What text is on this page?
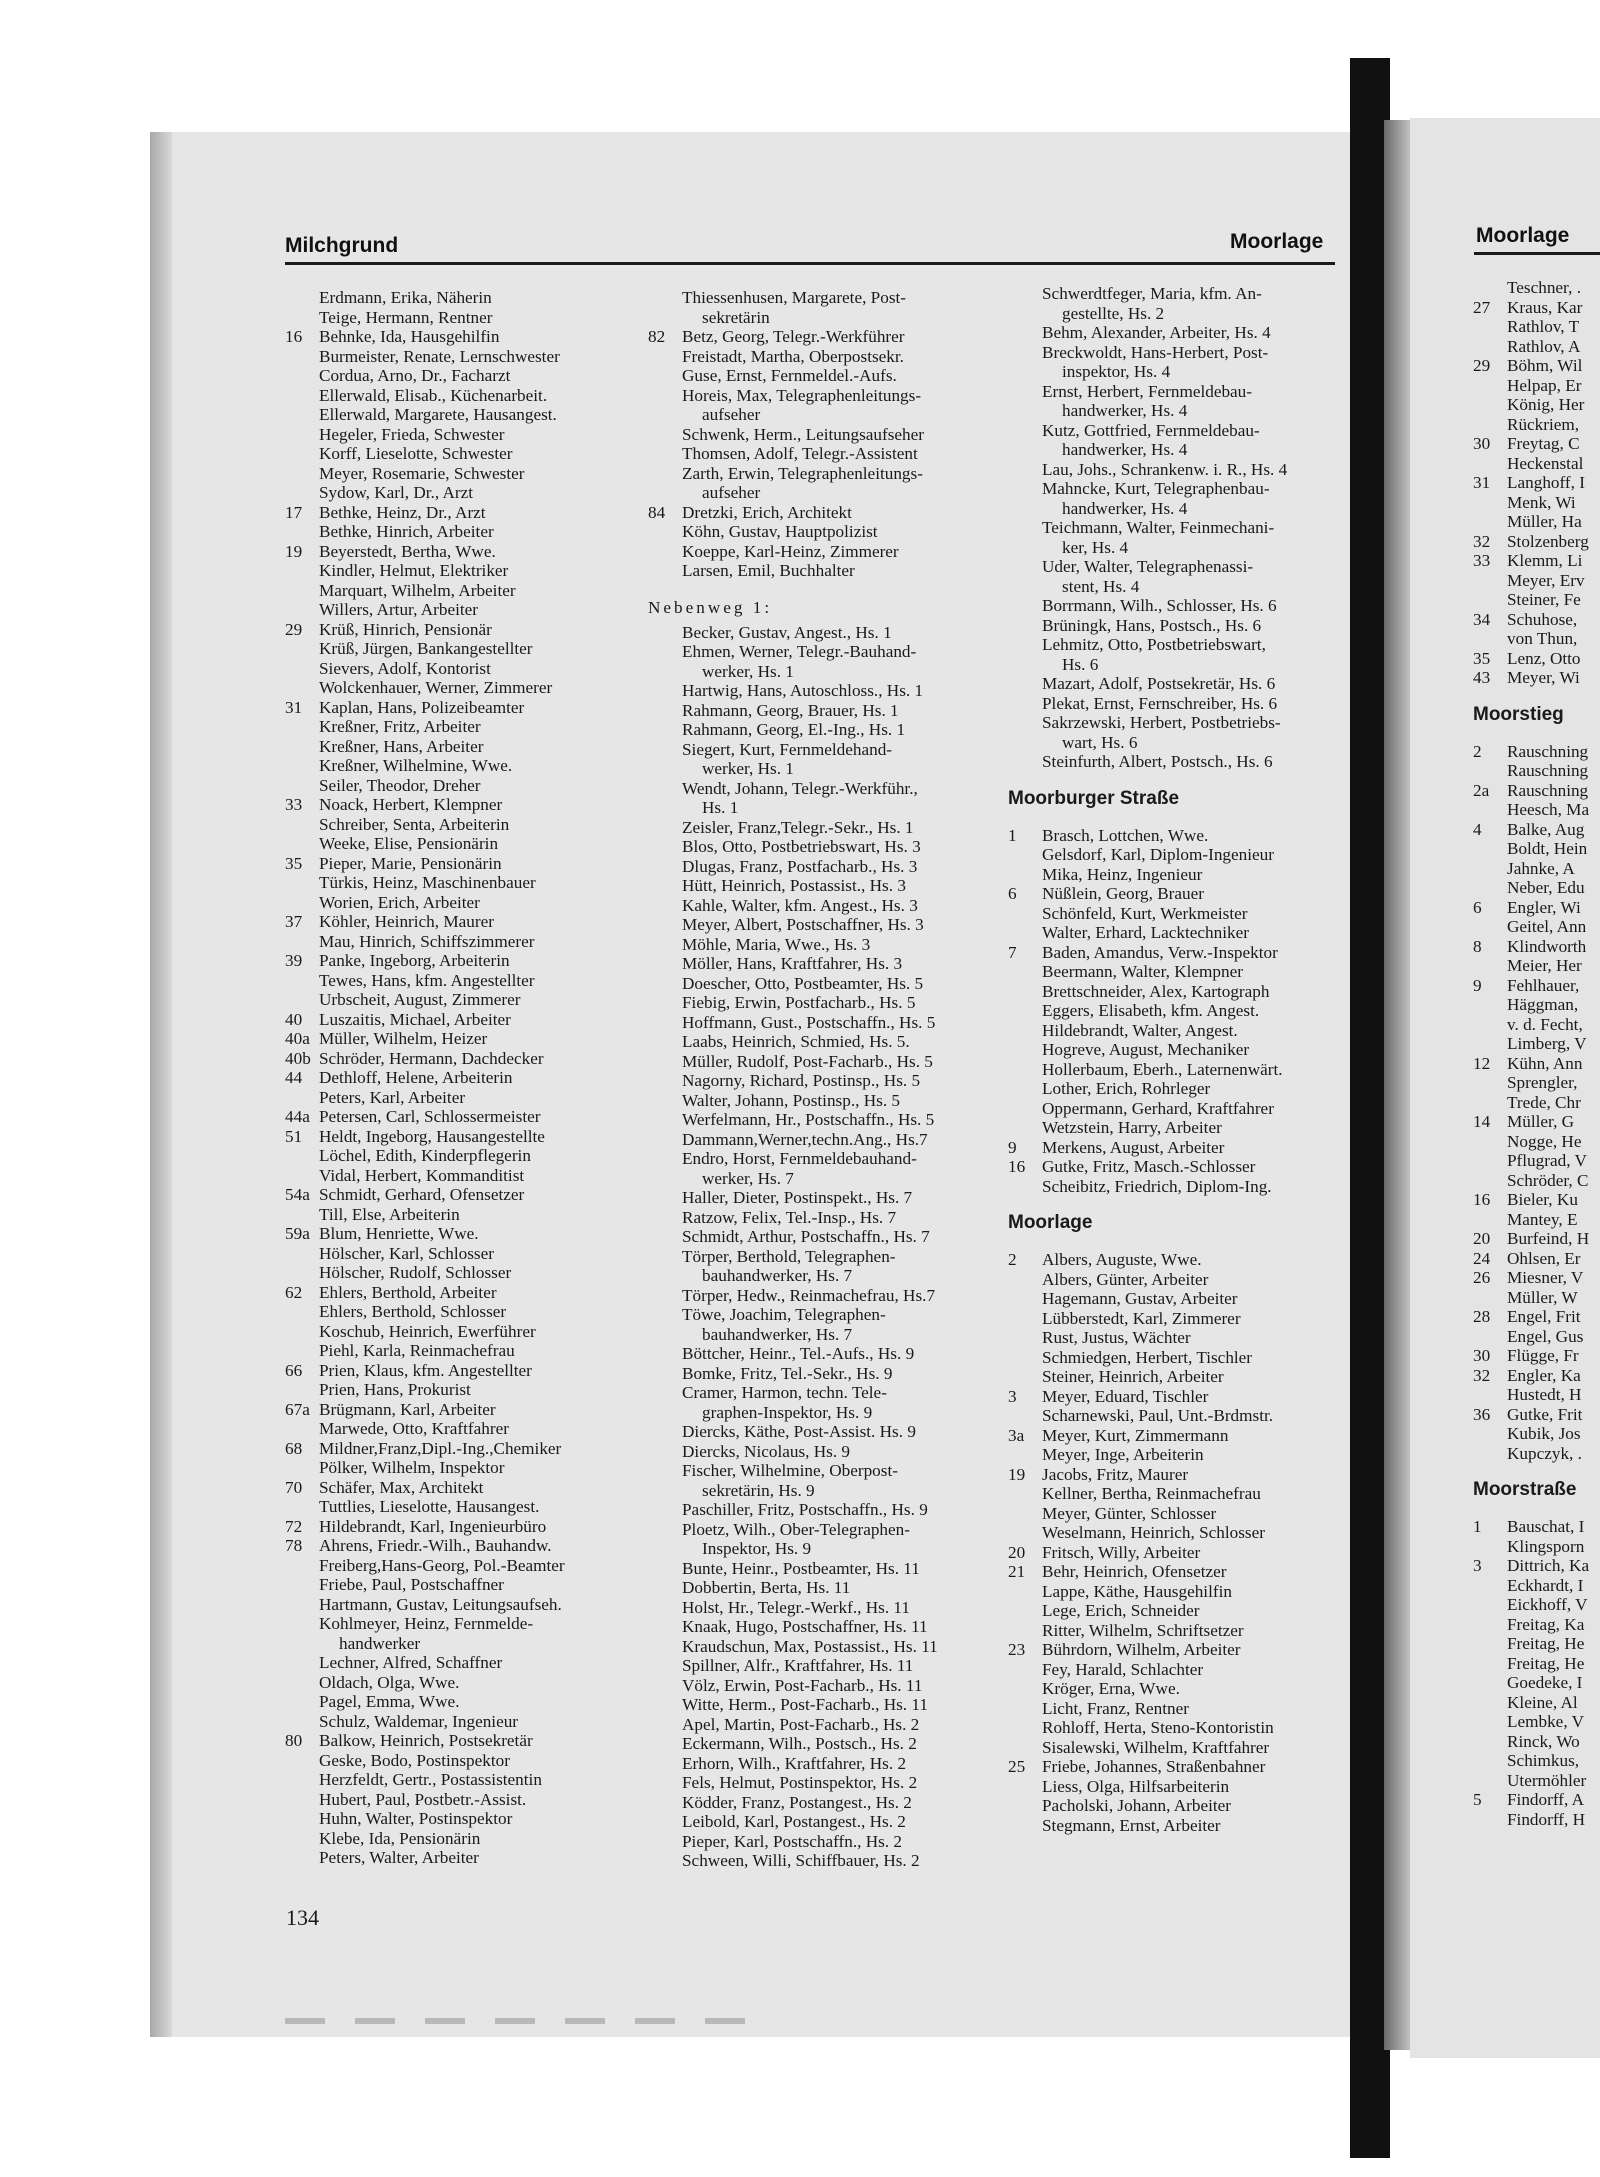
Milchgrund	Moorlage	Moorlage
Erdmann, Erika, Näherin
Teige, Hermann, Rentner
16 Behnke, Ida, Hausgehilfin
Burmeister, Renate, Lernschwester
Cordua, Arno, Dr., Facharzt
Ellerwald, Elisab., Küchenarbeit.
Ellerwald, Margarete, Hausangest.
Hegeler, Frieda, Schwester
Korff, Lieselotte, Schwester
Meyer, Rosemarie, Schwester
Sydow, Karl, Dr., Arzt
17 Bethke, Heinz, Dr., Arzt
Bethke, Hinrich, Arbeiter
19 Beyerstedt, Bertha, Wwe.
Kindler, Helmut, Elektriker
Marquart, Wilhelm, Arbeiter
Willers, Artur, Arbeiter
29 Krüß, Hinrich, Pensionär
Krüß, Jürgen, Bankangestellter
Sievers, Adolf, Kontorist
Wolckenhauer, Werner, Zimmerer
31 Kaplan, Hans, Polizeibeamter
Kreßner, Fritz, Arbeiter
Kreßner, Hans, Arbeiter
Kreßner, Wilhelmine, Wwe.
Seiler, Theodor, Dreher
33 Noack, Herbert, Klempner
Schreiber, Senta, Arbeiterin
Weeke, Elise, Pensionärin
35 Pieper, Marie, Pensionärin
Türkis, Heinz, Maschinenbauer
Worien, Erich, Arbeiter
37 Köhler, Heinrich, Maurer
Mau, Hinrich, Schiffszimmerer
39 Panke, Ingeborg, Arbeiterin
Tewes, Hans, kfm. Angestellter
Urbscheit, August, Zimmerer
40 Luszaitis, Michael, Arbeiter
40a Müller, Wilhelm, Heizer
40b Schröder, Hermann, Dachdecker
44 Dethloff, Helene, Arbeiterin
Peters, Karl, Arbeiter
44a Petersen, Carl, Schlossermeister
51 Heldt, Ingeborg, Hausangestellte
Löchel, Edith, Kinderpflegerin
Vidal, Herbert, Kommanditist
54a Schmidt, Gerhard, Ofensetzer
Till, Else, Arbeiterin
59a Blum, Henriette, Wwe.
Hölscher, Karl, Schlosser
Hölscher, Rudolf, Schlosser
62 Ehlers, Berthold, Arbeiter
Ehlers, Berthold, Schlosser
Koschub, Heinrich, Ewerführer
Piehl, Karla, Reinmachefrau
66 Prien, Klaus, kfm. Angestellter
Prien, Hans, Prokurist
67a Brügmann, Karl, Arbeiter
Marwede, Otto, Kraftfahrer
68 Mildner,Franz,Dipl.-Ing.,Chemiker
Pölker, Wilhelm, Inspektor
70 Schäfer, Max, Architekt
Tuttlies, Lieselotte, Hausangest.
72 Hildebrandt, Karl, Ingenieurbüro
78 Ahrens, Friedr.-Wilh., Bauhandw.
Freiberg,Hans-Georg, Pol.-Beamter
Friebe, Paul, Postschaffner
Hartmann, Gustav, Leitungsaufseh.
Kohlmeyer, Heinz, Fernmelde-
handwerker
Lechner, Alfred, Schaffner
Oldach, Olga, Wwe.
Pagel, Emma, Wwe.
Schulz, Waldemar, Ingenieur
80 Balkow, Heinrich, Postsekretär
Geske, Bodo, Postinspektor
Herzfeldt, Gertr., Postassistentin
Hubert, Paul, Postbetr.-Assist.
Huhn, Walter, Postinspektor
Klebe, Ida, Pensionärin
Peters, Walter, Arbeiter
Thiessenhusen, Margarete, Post-
sekretärin
82 Betz, Georg, Telegr.-Werkführer
Freistadt, Martha, Oberpostsekr.
Guse, Ernst, Fernmeldel.-Aufs.
Horeis, Max, Telegraphenleitungs-
aufseher
Schwenk, Herm., Leitungsaufseher
Thomsen, Adolf, Telegr.-Assistent
Zarth, Erwin, Telegraphenleitungs-
aufseher
84 Dretzki, Erich, Architekt
Köhn, Gustav, Hauptpolizist
Koeppe, Karl-Heinz, Zimmerer
Larsen, Emil, Buchhalter
Nebenweg 1:
Becker, Gustav, Angest., Hs. 1
Ehmen, Werner, Telegr.-Bauhand-
werker, Hs. 1
Hartwig, Hans, Autoschloss., Hs. 1
Rahmann, Georg, Brauer, Hs. 1
Rahmann, Georg, El.-Ing., Hs. 1
Siegert, Kurt, Fernmeldehand-
werker, Hs. 1
Wendt, Johann, Telegr.-Werkführ.,
Hs. 1
Zeisler, Franz,Telegr.-Sekr., Hs. 1
Blos, Otto, Postbetriebswart, Hs. 3
Dlugas, Franz, Postfacharb., Hs. 3
Hütt, Heinrich, Postassist., Hs. 3
Kahle, Walter, kfm. Angest., Hs. 3
Meyer, Albert, Postschaffner, Hs. 3
Möhle, Maria, Wwe., Hs. 3
Möller, Hans, Kraftfahrer, Hs. 3
Doescher, Otto, Postbeamter, Hs. 5
Fiebig, Erwin, Postfacharb., Hs. 5
Hoffmann, Gust., Postschaffn., Hs. 5
Laabs, Heinrich, Schmied, Hs. 5.
Müller, Rudolf, Post-Facharb., Hs. 5
Nagorny, Richard, Postinsp., Hs. 5
Walter, Johann, Postinsp., Hs. 5
Werfelmann, Hr., Postschaffn., Hs. 5
Dammann,Werner,techn.Ang., Hs.7
Endro, Horst, Fernmeldebauhand-
werker, Hs. 7
Haller, Dieter, Postinspekt., Hs. 7
Ratzow, Felix, Tel.-Insp., Hs. 7
Schmidt, Arthur, Postschaffn., Hs. 7
Törper, Berthold, Telegraphen-
bauhandwerker, Hs. 7
Törper, Hedw., Reinmachefrau, Hs.7
Töwe, Joachim, Telegraphen-
bauhandwerker, Hs. 7
Böttcher, Heinr., Tel.-Aufs., Hs. 9
Bomke, Fritz, Tel.-Sekr., Hs. 9
Cramer, Harmon, techn. Tele-
graphen-Inspektor, Hs. 9
Diercks, Käthe, Post-Assist. Hs. 9
Diercks, Nicolaus, Hs. 9
Fischer, Wilhelmine, Oberpost-
sekretärin, Hs. 9
Paschiller, Fritz, Postschaffn., Hs. 9
Ploetz, Wilh., Ober-Telegraphen-
Inspektor, Hs. 9
Bunte, Heinr., Postbeamter, Hs. 11
Dobbertin, Berta, Hs. 11
Holst, Hr., Telegr.-Werkf., Hs. 11
Knaak, Hugo, Postschaffner, Hs. 11
Kraudschun, Max, Postassist., Hs. 11
Spillner, Alfr., Kraftfahrer, Hs. 11
Völz, Erwin, Post-Facharb., Hs. 11
Witte, Herm., Post-Facharb., Hs. 11
Apel, Martin, Post-Facharb., Hs. 2
Eckermann, Wilh., Postsch., Hs. 2
Erhorn, Wilh., Kraftfahrer, Hs. 2
Fels, Helmut, Postinspektor, Hs. 2
Ködder, Franz, Postangest., Hs. 2
Leibold, Karl, Postangest., Hs. 2
Pieper, Karl, Postschaffn., Hs. 2
Schween, Willi, Schiffbauer, Hs. 2
Schwerdtfeger, Maria, kfm. An-
gestellte, Hs. 2
Behm, Alexander, Arbeiter, Hs. 4
Breckwoldt, Hans-Herbert, Post-
inspektor, Hs. 4
Ernst, Herbert, Fernmeldebau-
handwerker, Hs. 4
Kutz, Gottfried, Fernmeldebau-
handwerker, Hs. 4
Lau, Johs., Schrankenw. i. R., Hs. 4
Mahncke, Kurt, Telegraphenbau-
handwerker, Hs. 4
Teichmann, Walter, Feinmechani-
ker, Hs. 4
Uder, Walter, Telegraphenassi-
stent, Hs. 4
Borrmann, Wilh., Schlosser, Hs. 6
Brüningk, Hans, Postsch., Hs. 6
Lehmitz, Otto, Postbetriebswart,
Hs. 6
Mazart, Adolf, Postsekretär, Hs. 6
Plekat, Ernst, Fernschreiber, Hs. 6
Sakrzewski, Herbert, Postbetriebs-
wart, Hs. 6
Steinfurth, Albert, Postsch., Hs. 6
Moorburger Straße
1	Brasch, Lottchen, Wwe.
Gelsdorf, Karl, Diplom-Ingenieur
Mika, Heinz, Ingenieur
6	Nüßlein, Georg, Brauer
Schönfeld, Kurt, Werkmeister
Walter, Erhard, Lacktechniker
7	Baden, Amandus, Verw.-Inspektor
Beermann, Walter, Klempner
Brettschneider, Alex, Kartograph
Eggers, Elisabeth, kfm. Angest.
Hildebrandt, Walter, Angest.
Hogreve, August, Mechaniker
Hollerbaum, Eberh., Laternenwärt.
Lother, Erich, Rohrleger
Oppermann, Gerhard, Kraftfahrer
Wetzstein, Harry, Arbeiter
9	Merkens, August, Arbeiter
16 Gutke, Fritz, Masch.-Schlosser
Scheibitz, Friedrich, Diplom-Ing.
Moorlage
2	Albers, Auguste, Wwe.
Albers, Günter, Arbeiter
Hagemann, Gustav, Arbeiter
Lübberstedt, Karl, Zimmerer
Rust, Justus, Wächter
Schmiedgen, Herbert, Tischler
Steiner, Heinrich, Arbeiter
3	Meyer, Eduard, Tischler
Scharnewski, Paul, Unt.-Brdmstr.
3a	Meyer, Kurt, Zimmermann
Meyer, Inge, Arbeiterin
19 Jacobs, Fritz, Maurer
Kellner, Bertha, Reinmachefrau
Meyer, Günter, Schlosser
Weselmann, Heinrich, Schlosser
20 Fritsch, Willy, Arbeiter
21 Behr, Heinrich, Ofensetzer
Lappe, Käthe, Hausgehilfin
Lege, Erich, Schneider
Ritter, Wilhelm, Schriftsetzer
23 Bührdorn, Wilhelm, Arbeiter
Fey, Harald, Schlachter
Kröger, Erna, Wwe.
Licht, Franz, Rentner
Rohloff, Herta, Steno-Kontoristin
Sisalewski, Wilhelm, Kraftfahrer
25 Friebe, Johannes, Straßenbahner
Liess, Olga, Hilfsarbeiterin
Pacholski, Johann, Arbeiter
Stegmann, Ernst, Arbeiter
Teschner, .
27 Kraus, Kar
Rathlov, T
Rathlov, A
29 Böhm, Wil
Helpap, Er
König, Her
Rückriem,
30 Freytag, C
Heckenstal
31 Langhoff, I
Menk, Wi
Müller, Ha
32 Stolzenberg
33 Klemm, Li
Meyer, Erv
Steiner, Fe
34 Schuhose,
von Thun,
35 Lenz, Otto
43 Meyer, Wi
Moorstieg
2	Rauschning
Rauschning
2a	Rauschning
Heesch, Ma
4	Balke, Aug
Boldt, Hein
Jahnke, A
Neber, Edu
6	Engler, Wi
Geitel, Ann
8	Klindworth
Meier, Her
9	Fehlhauer,
Häggman,
v. d. Fecht,
Limberg, V
12 Kühn, Ann
Sprengler,
Trede, Chr
14 Müller, G
Nogge, He
Pflugrad, V
Schröder, C
16 Bieler, Ku
Mantey, E
20 Burfeind, H
24 Ohlsen, Er
26 Miesner, V
Müller, W
28 Engel, Frit
Engel, Gus
30 Flügge, Fr
32 Engler, Ka
Hustedt, H
36 Gutke, Frit
Kubik, Jos
Kupczyk, .
Moorstraße
1	Bauschat, I
Klingsporn
3	Dittrich, Ka
Eckhardt, I
Eickhoff, V
Freitag, Ka
Freitag, He
Freitag, He
Goedeke, I
Kleine, Al
Lembke, V
Rinck, Wo
Schimkus,
Utermöhler
5	Findorff, A
Findorff, H
134
